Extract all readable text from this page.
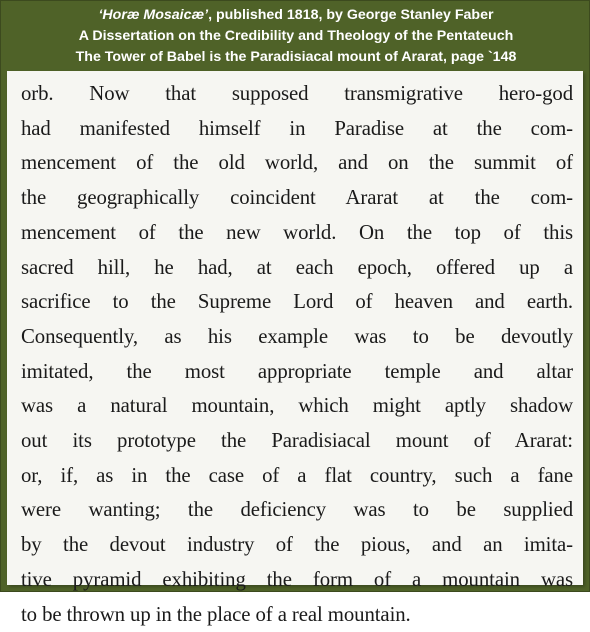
‘Horæ Mosaicæ’, published 1818, by George Stanley Faber
A Dissertation on the Credibility and Theology of the Pentateuch
The Tower of Babel is the Paradisiacal mount of Ararat, page `148
orb. Now that supposed transmigrative hero-god
had manifested himself in Paradise at the com-
mencement of the old world, and on the summit of
the geographically coincident Ararat at the com-
mencement of the new world. On the top of this
sacred hill, he had, at each epoch, offered up a
sacrifice to the Supreme Lord of heaven and earth.
Consequently, as his example was to be devoutly
imitated, the most appropriate temple and altar
was a natural mountain, which might aptly shadow
out its prototype the Paradisiacal mount of Ararat:
or, if, as in the case of a flat country, such a fane
were wanting; the deficiency was to be supplied
by the devout industry of the pious, and an imita-
tive pyramid exhibiting the form of a mountain was
to be thrown up in the place of a real mountain.
